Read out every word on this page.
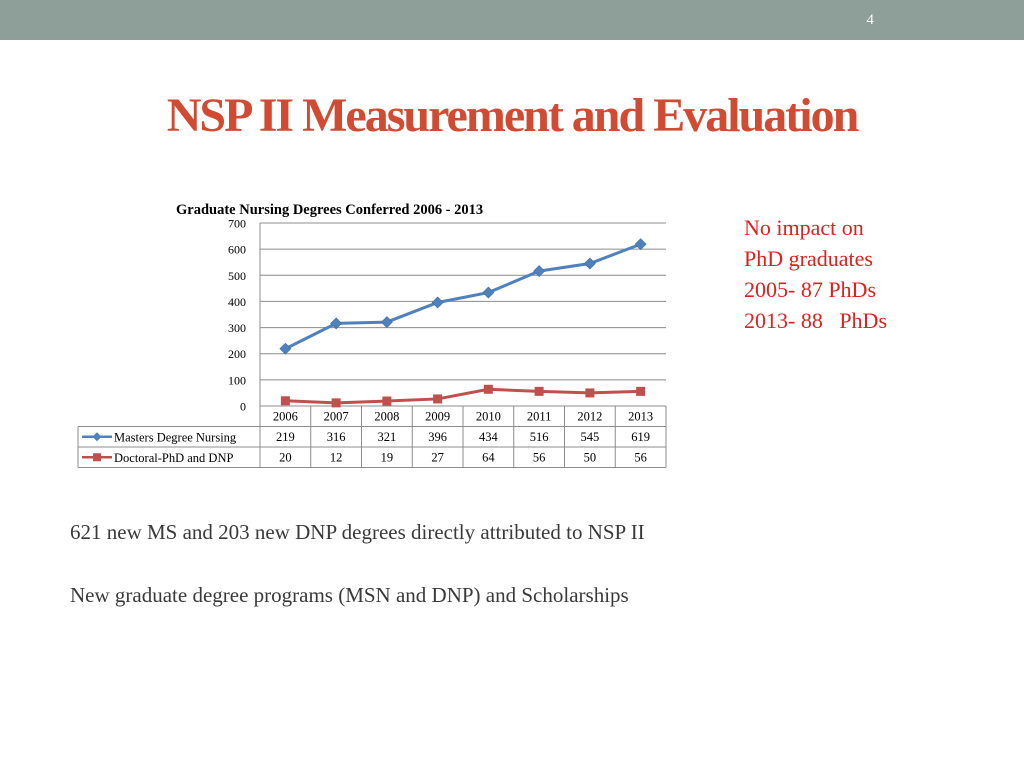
4
NSP II Measurement and Evaluation
Graduate Nursing Degrees Conferred 2006 - 2013
0
100
200
300
400
500
600
700
2006 2007 2008 2009 2010 2011 2012 2013
219	316	321	396	434	516	545	619
Masters Degree Nursing
20	12	19	27	64	56	50	56
Doctoral-PhD and DNP
No impact on
PhD graduates
2005- 87 PhDs
2013- 88   PhDs
621 new MS and 203 new DNP degrees directly attributed to NSP II
New graduate degree programs (MSN and DNP) and Scholarships
